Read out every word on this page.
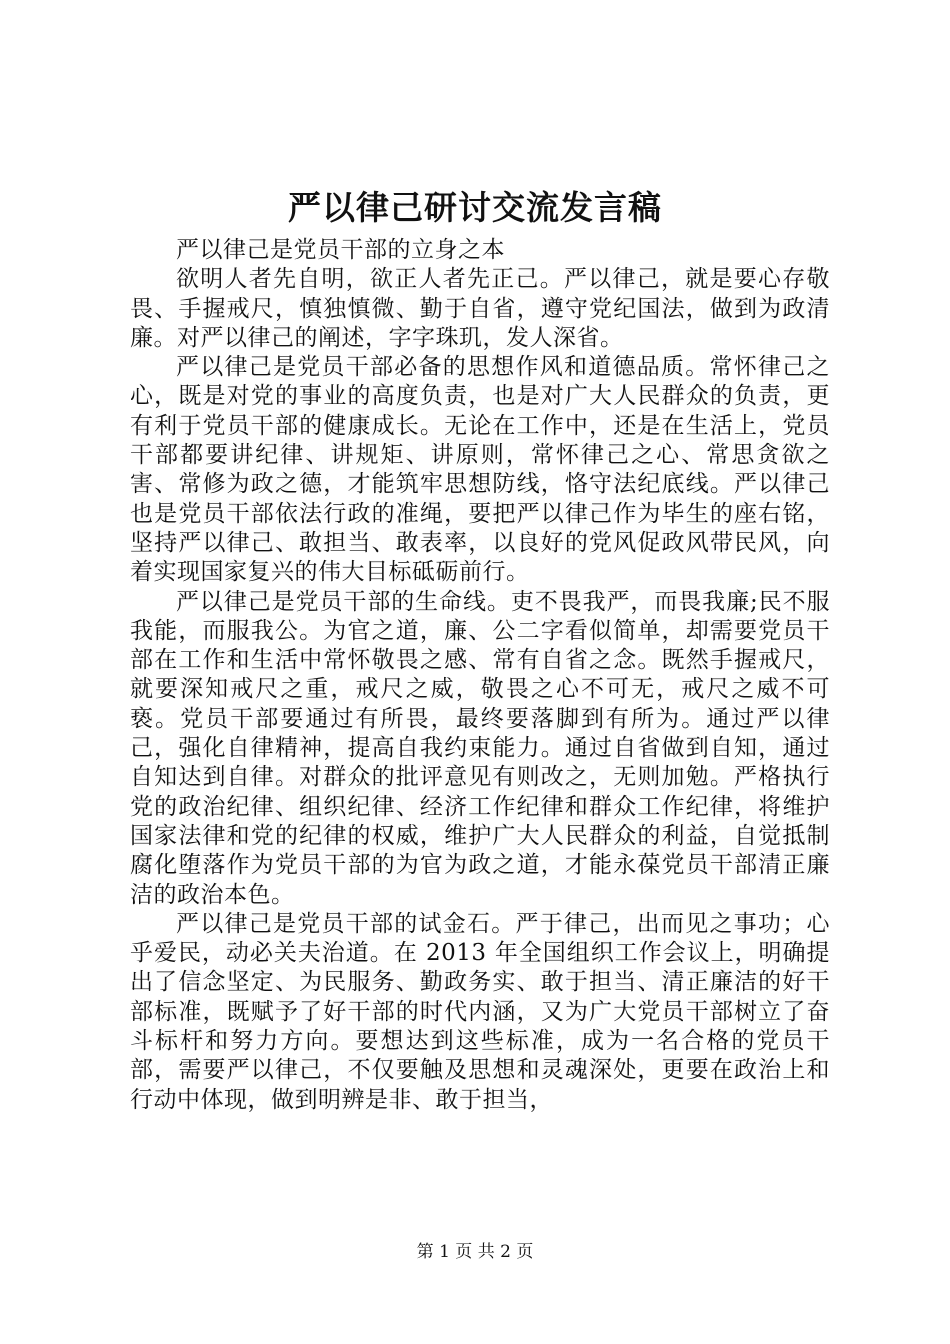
严以律己研讨交流发言稿

严以律己是党员干部的立身之本

欲明人者先自明，欲正人者先正己。严以律己，就是要心存敬畏、手握戒尺，慎独慎微、勤于自省，遵守党纪国法，做到为政清廉。对严以律己的阐述，字字珠玑，发人深省。

严以律己是党员干部必备的思想作风和道德品质。常怀律己之心，既是对党的事业的高度负责，也是对广大人民群众的负责，更有利于党员干部的健康成长。无论在工作中，还是在生活上，党员干部都要讲纪律、讲规矩、讲原则，常怀律己之心、常思贪欲之害、常修为政之德，才能筑牢思想防线，恪守法纪底线。严以律己也是党员干部依法行政的准绳，要把严以律己作为毕生的座右铭，坚持严以律己、敢担当、敢表率，以良好的党风促政风带民风，向着实现国家复兴的伟大目标砥砺前行。

严以律己是党员干部的生命线。吏不畏我严，而畏我廉;民不服我能，而服我公。为官之道，廉、公二字看似简单，却需要党员干部在工作和生活中常怀敬畏之感、常有自省之念。既然手握戒尺，就要深知戒尺之重，戒尺之威，敬畏之心不可无，戒尺之威不可亵。党员干部要通过有所畏，最终要落脚到有所为。通过严以律己，强化自律精神，提高自我约束能力。通过自省做到自知，通过自知达到自律。对群众的批评意见有则改之，无则加勉。严格执行党的政治纪律、组织纪律、经济工作纪律和群众工作纪律，将维护国家法律和党的纪律的权威，维护广大人民群众的利益，自觉抵制腐化堕落作为党员干部的为官为政之道，才能永葆党员干部清正廉洁的政治本色。

严以律己是党员干部的试金石。严于律己，出而见之事功；心乎爱民，动必关夫治道。在 2013 年全国组织工作会议上，明确提出了信念坚定、为民服务、勤政务实、敢于担当、清正廉洁的好干部标准，既赋予了好干部的时代内涵，又为广大党员干部树立了奋斗标杆和努力方向。要想达到这些标准，成为一名合格的党员干部，需要严以律己，不仅要触及思想和灵魂深处，更要在政治上和行动中体现，做到明辨是非、敢于担当，

第 1 页 共 2 页
